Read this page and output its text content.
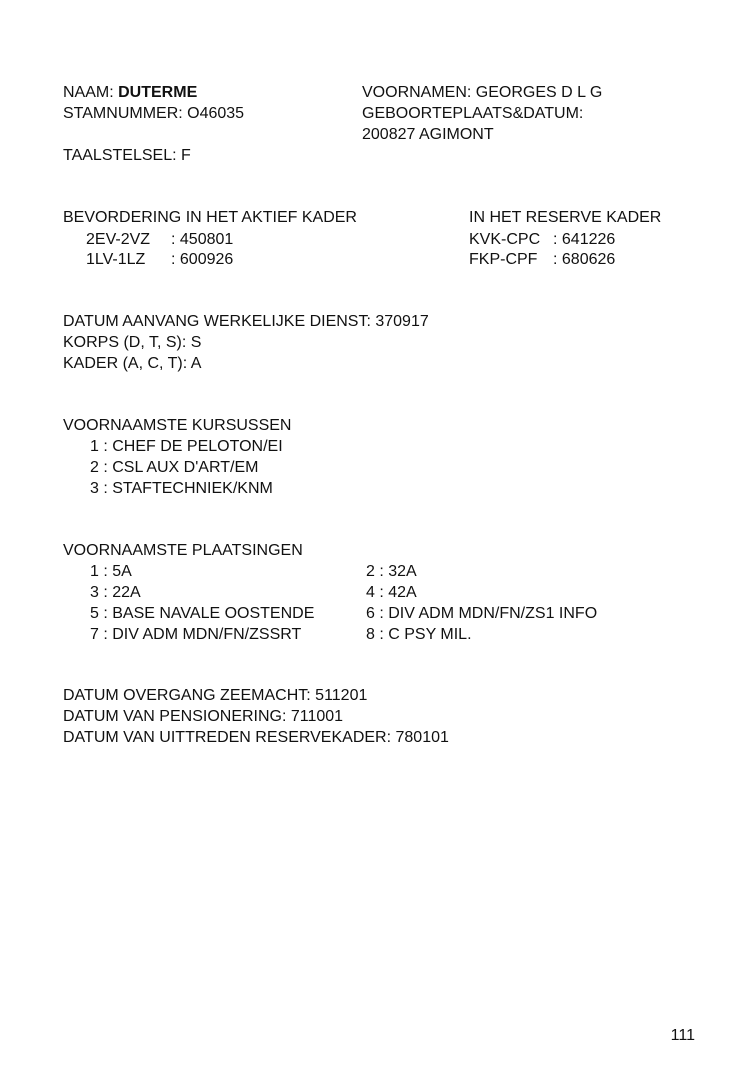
NAAM: DUTERME
STAMNUMMER: O46035
VOORNAMEN: GEORGES D L G
GEBOORTEPLAATS&DATUM:
200827 AGIMONT
TAALSTELSEL: F
BEVORDERING IN HET AKTIEF KADER
2EV-2VZ : 450801
1LV-1LZ : 600926
IN HET RESERVE KADER
KVK-CPC : 641226
FKP-CPF : 680626
DATUM AANVANG WERKELIJKE DIENST: 370917
KORPS (D, T, S): S
KADER (A, C, T): A
VOORNAAMSTE KURSUSSEN
1 : CHEF DE PELOTON/EI
2 : CSL AUX D'ART/EM
3 : STAFTECHNIEK/KNM
VOORNAAMSTE PLAATSINGEN
1 : 5A
3 : 22A
5 : BASE NAVALE OOSTENDE
7 : DIV ADM MDN/FN/ZSSRT
2 : 32A
4 : 42A
6 : DIV ADM MDN/FN/ZS1 INFO
8 : C PSY MIL.
DATUM OVERGANG ZEEMACHT: 511201
DATUM VAN PENSIONERING: 711001
DATUM VAN UITTREDEN RESERVEKADER: 780101
111
